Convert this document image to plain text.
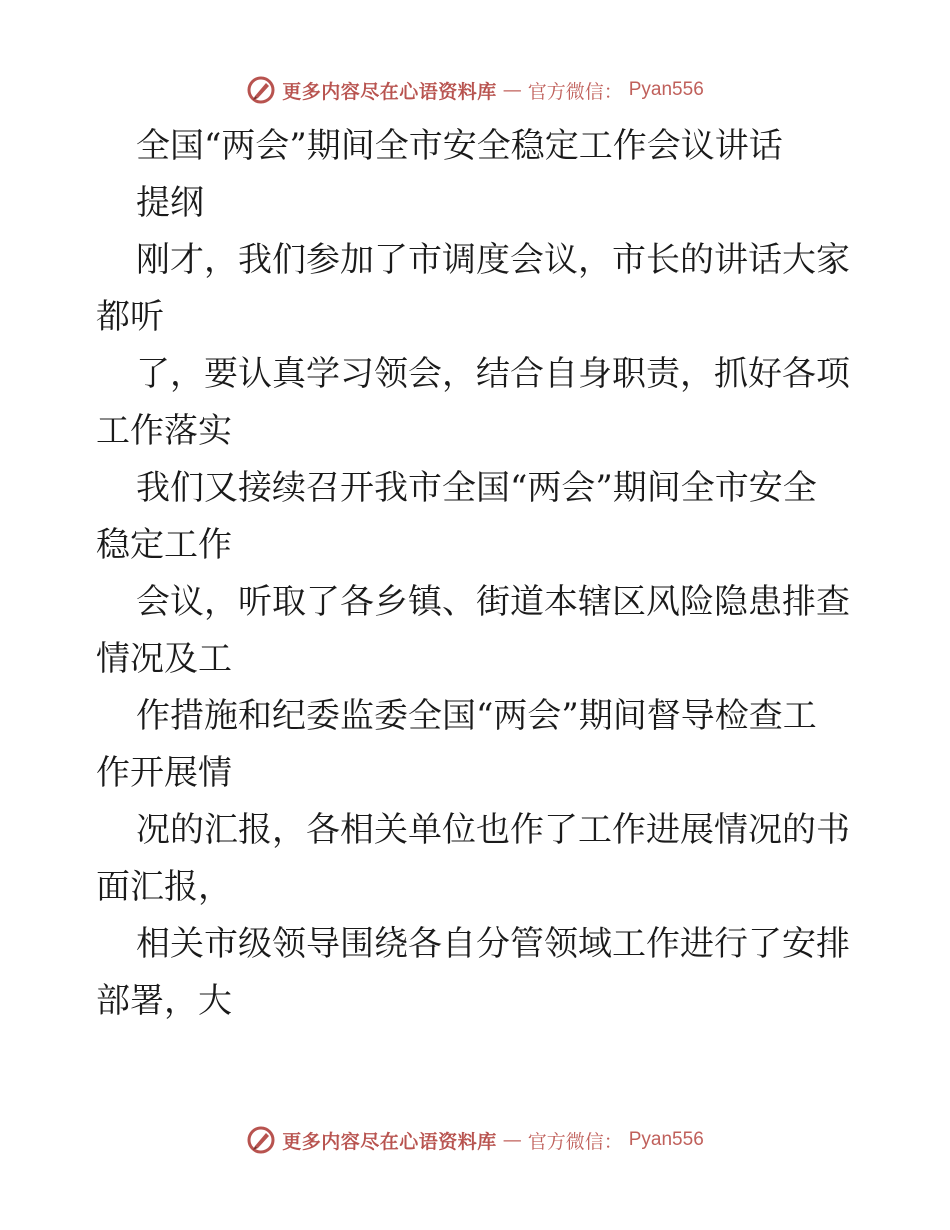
更多内容尽在心语资料库 — 官方微信： Pyan556
全国“两会”期间全市安全稳定工作会议讲话
提纲
刚才，我们参加了市调度会议，市长的讲话大家
都听
了，要认真学习领会，结合自身职责，抓好各项
工作落实
我们又接续召开我市全国“两会”期间全市安全
稳定工作
会议，听取了各乡镇、街道本辖区风险隐患排查
情况及工
作措施和纪委监委全国“两会”期间督导检查工
作开展情
况的汇报，各相关单位也作了工作进展情况的书
面汇报，
相关市级领导围绕各自分管领域工作进行了安排
部署，大
更多内容尽在心语资料库 — 官方微信： Pyan556
